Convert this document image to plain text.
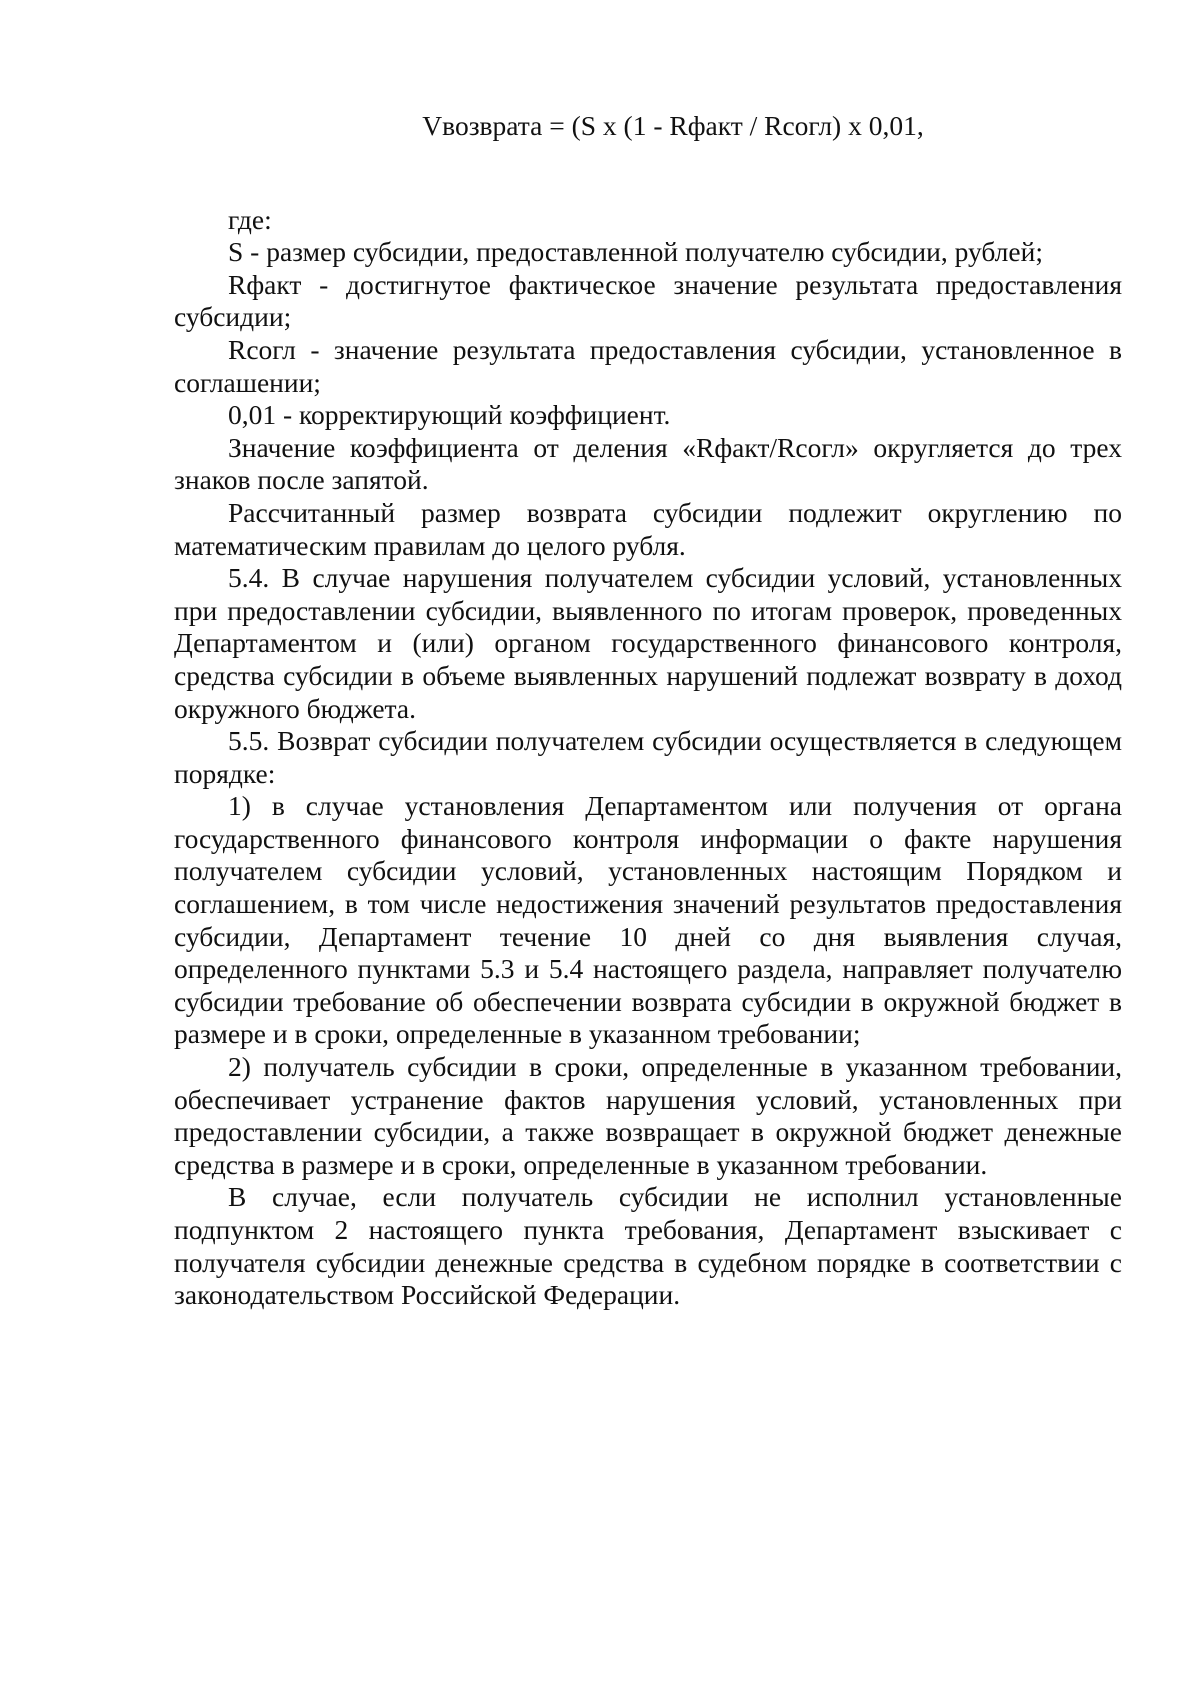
Vвозврата = (S x (1 - Rфакт / Rсогл) x 0,01,

где:

S - размер субсидии, предоставленной получателю субсидии, рублей;

Rфакт - достигнутое фактическое значение результата предоставления субсидии;

Rсогл - значение результата предоставления субсидии, установленное в соглашении;

0,01 - корректирующий коэффициент.

Значение коэффициента от деления «Rфакт/Rсогл» округляется до трех знаков после запятой.

Рассчитанный размер возврата субсидии подлежит округлению по математическим правилам до целого рубля.

5.4. В случае нарушения получателем субсидии условий, установленных при предоставлении субсидии, выявленного по итогам проверок, проведенных Департаментом и (или) органом государственного финансового контроля, средства субсидии в объеме выявленных нарушений подлежат возврату в доход окружного бюджета.

5.5. Возврат субсидии получателем субсидии осуществляется в следующем порядке:

1) в случае установления Департаментом или получения от органа государственного финансового контроля информации о факте нарушения получателем субсидии условий, установленных настоящим Порядком и соглашением, в том числе недостижения значений результатов предоставления субсидии, Департамент течение 10 дней со дня выявления случая, определенного пунктами 5.3 и 5.4 настоящего раздела, направляет получателю субсидии требование об обеспечении возврата субсидии в окружной бюджет в размере и в сроки, определенные в указанном требовании;

2) получатель субсидии в сроки, определенные в указанном требовании, обеспечивает устранение фактов нарушения условий, установленных при предоставлении субсидии, а также возвращает в окружной бюджет денежные средства в размере и в сроки, определенные в указанном требовании.

В случае, если получатель субсидии не исполнил установленные подпунктом 2 настоящего пункта требования, Департамент взыскивает с получателя субсидии денежные средства в судебном порядке в соответствии с законодательством Российской Федерации.
